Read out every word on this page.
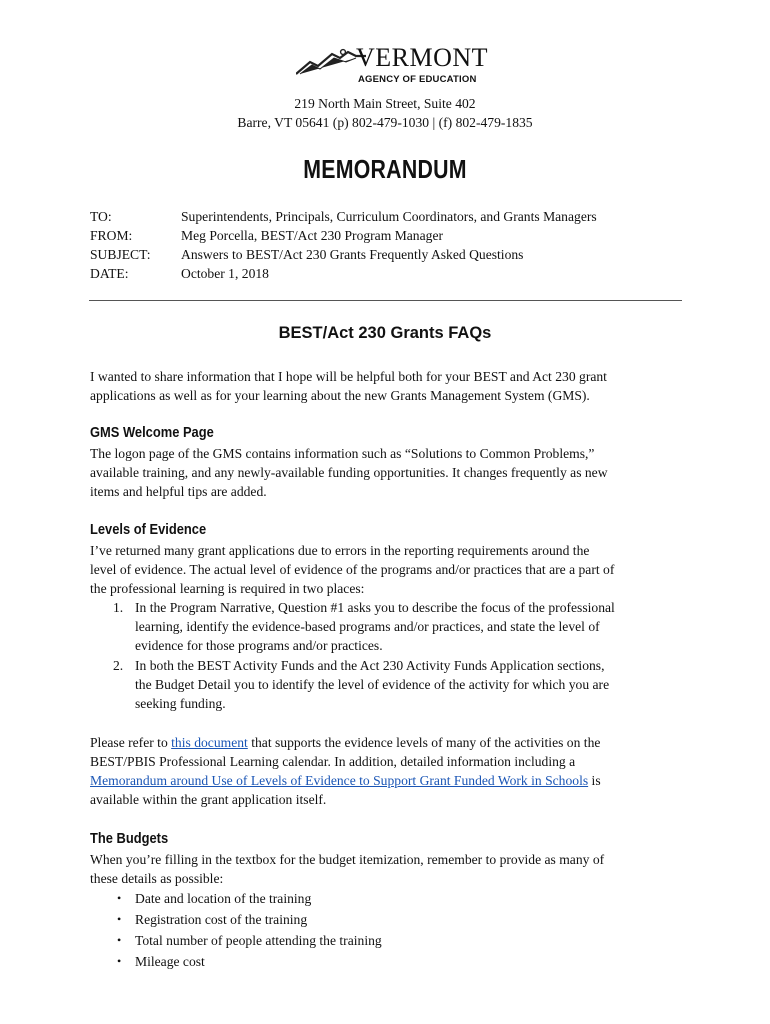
VERMONT
AGENCY OF EDUCATION
219 North Main Street, Suite 402
Barre, VT 05641 (p) 802-479-1030 | (f) 802-479-1835
MEMORANDUM
TO:	Superintendents, Principals, Curriculum Coordinators, and Grants Managers
FROM:	Meg Porcella, BEST/Act 230 Program Manager
SUBJECT: Answers to BEST/Act 230 Grants Frequently Asked Questions
DATE:	October 1, 2018
BEST/Act 230 Grants FAQs
I wanted to share information that I hope will be helpful both for your BEST and Act 230 grant
applications as well as for your learning about the new Grants Management System (GMS).
GMS Welcome Page
The logon page of the GMS contains information such as “Solutions to Common Problems,”
available training, and any newly-available funding opportunities. It changes frequently as new
items and helpful tips are added.
Levels of Evidence
I’ve returned many grant applications due to errors in the reporting requirements around the
level of evidence. The actual level of evidence of the programs and/or practices that are a part of
the professional learning is required in two places:
1. In the Program Narrative, Question #1 asks you to describe the focus of the professional
learning, identify the evidence-based programs and/or practices, and state the level of
evidence for those programs and/or practices.
2. In both the BEST Activity Funds and the Act 230 Activity Funds Application sections,
the Budget Detail you to identify the level of evidence of the activity for which you are
seeking funding.
Please refer to this document that supports the evidence levels of many of the activities on the
BEST/PBIS Professional Learning calendar. In addition, detailed information including a
Memorandum around Use of Levels of Evidence to Support Grant Funded Work in Schools is
available within the grant application itself.
The Budgets
When you’re filling in the textbox for the budget itemization, remember to provide as many of
these details as possible:
• Date and location of the training
• Registration cost of the training
• Total number of people attending the training
• Mileage cost
